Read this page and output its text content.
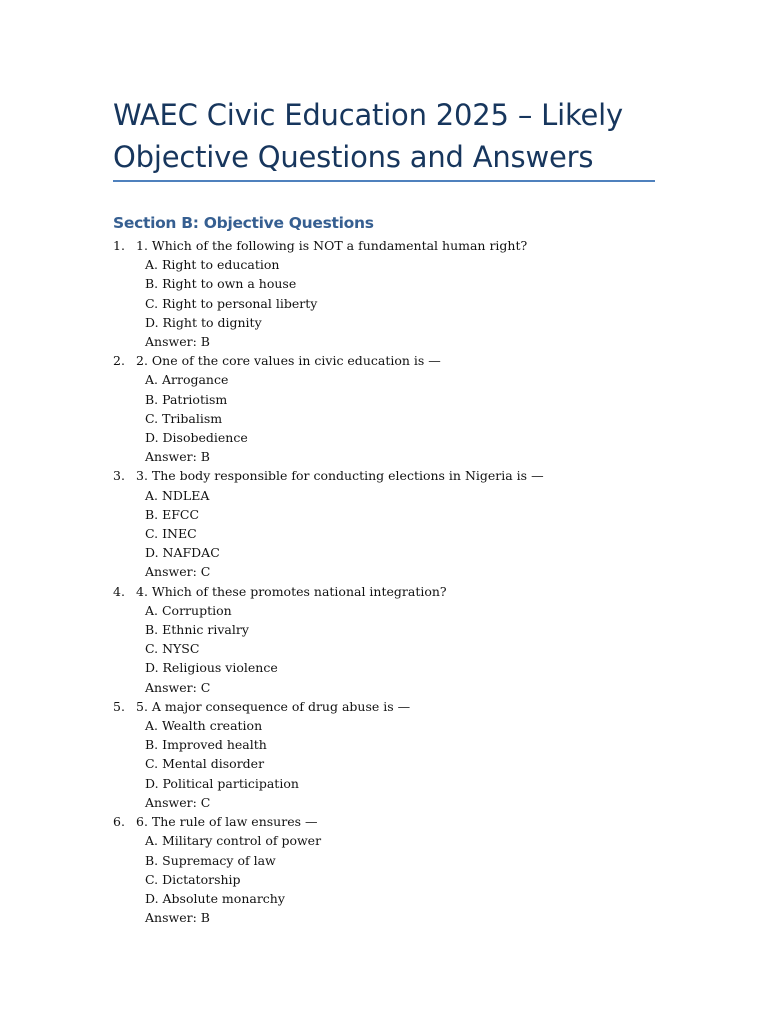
WAEC Civic Education 2025 – Likely Objective Questions and Answers
Section B: Objective Questions
1. 1. Which of the following is NOT a fundamental human right?
A. Right to education
B. Right to own a house
C. Right to personal liberty
D. Right to dignity
Answer: B
2. 2. One of the core values in civic education is —
A. Arrogance
B. Patriotism
C. Tribalism
D. Disobedience
Answer: B
3. 3. The body responsible for conducting elections in Nigeria is —
A. NDLEA
B. EFCC
C. INEC
D. NAFDAC
Answer: C
4. 4. Which of these promotes national integration?
A. Corruption
B. Ethnic rivalry
C. NYSC
D. Religious violence
Answer: C
5. 5. A major consequence of drug abuse is —
A. Wealth creation
B. Improved health
C. Mental disorder
D. Political participation
Answer: C
6. 6. The rule of law ensures —
A. Military control of power
B. Supremacy of law
C. Dictatorship
D. Absolute monarchy
Answer: B
